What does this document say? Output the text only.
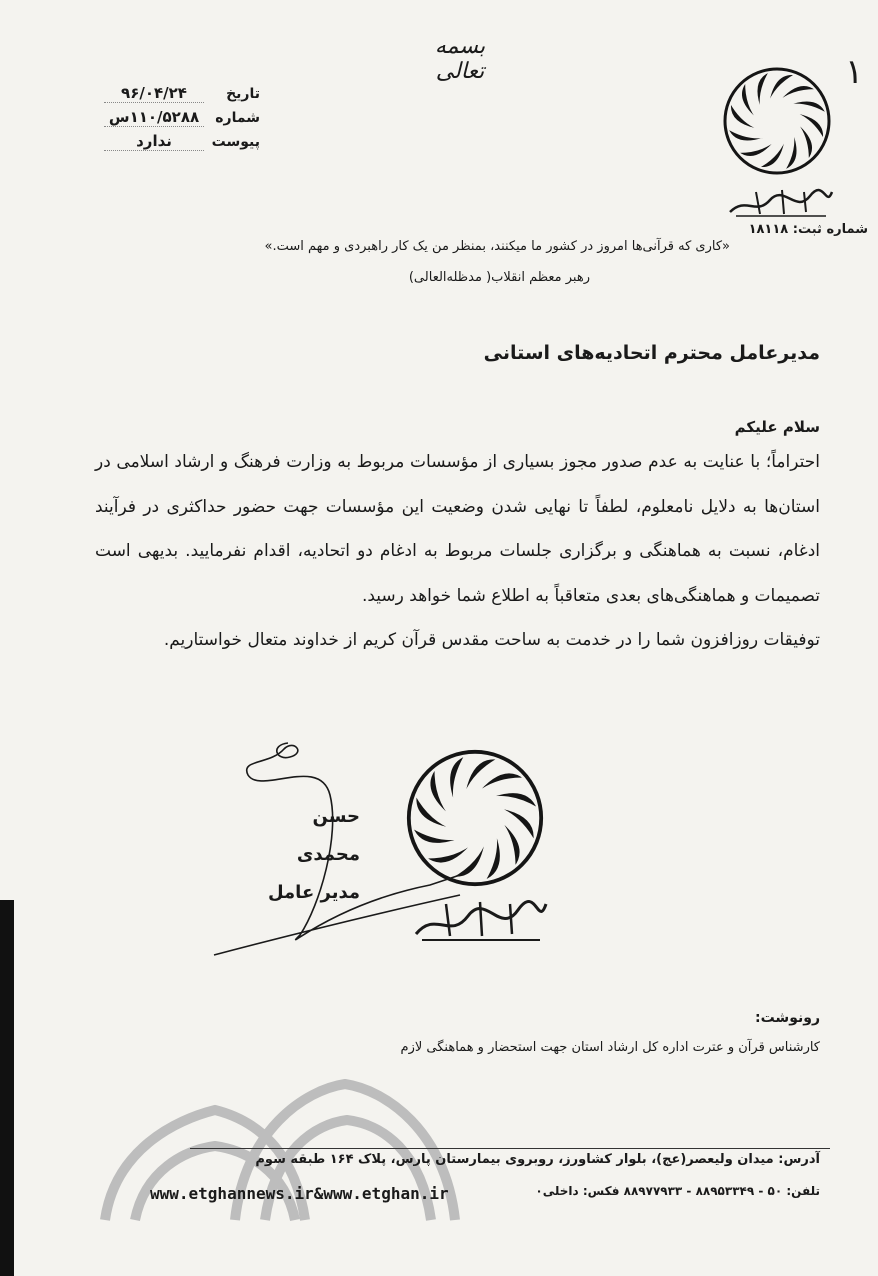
بسمه تعالی	۱
تاریخ
۹۶/۰۴/۲۴
شماره
۱۱۰/۵۲۸۸س
پیوست
ندارد
شماره ثبت: ۱۸۱۱۸
«کاری که قرآنی‌ها امروز در کشور ما میکنند، بمنظر من یک کار راهبردی و مهم است.»
رهبر معظم انقلاب( مدظله‌العالی)
مدیرعامل محترم اتحادیه‌های استانی
سلام علیکم

احتراماً؛ با عنایت به عدم صدور مجوز بسیاری از مؤسسات مربوط به وزارت فرهنگ و ارشاد اسلامی در استان‌ها به دلایل نامعلوم، لطفاً تا نهایی شدن وضعیت این مؤسسات جهت حضور حداکثری در فرآیند ادغام، نسبت به هماهنگی و برگزاری جلسات مربوط به ادغام دو اتحادیه، اقدام نفرمایید. بدیهی است تصمیمات و هماهنگی‌های بعدی متعاقباً به اطلاع شما خواهد رسید.

توفیقات روزافزون شما را در خدمت به ساحت مقدس قرآن کریم از خداوند متعال خواستاریم.

حسن محمدی
مدیر عامل
رونوشت:
کارشناس قرآن و عترت اداره کل ارشاد استان جهت استحضار و هماهنگی لازم
آدرس: میدان ولیعصر(عج)، بلوار کشاورز، روبروی بیمارستان پارس، پلاک ۱۶۴ طبقه سوم
تلفن: ۵۰ - ۸۸۹۵۳۳۴۹ - ۸۸۹۷۷۹۳۳ فکس: داخلی۰
www.etghannews.ir&www.etghan.ir
